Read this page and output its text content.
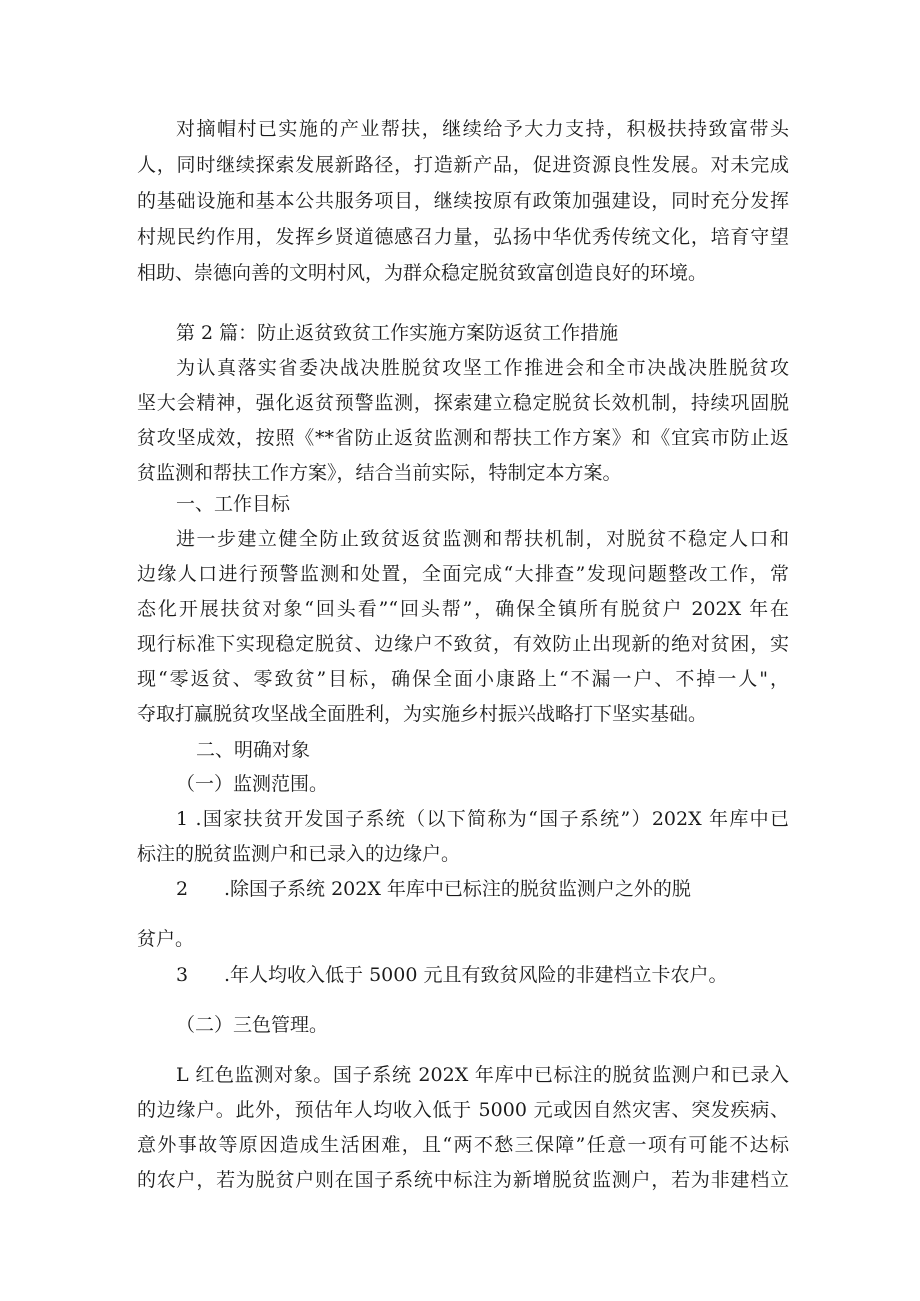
对摘帽村已实施的产业帮扶，继续给予大力支持，积极扶持致富带头
人，同时继续探索发展新路径，打造新产品，促进资源良性发展。对未完成
的基础设施和基本公共服务项目，继续按原有政策加强建设，同时充分发挥
村规民约作用，发挥乡贤道德感召力量，弘扬中华优秀传统文化，培育守望
相助、崇德向善的文明村风，为群众稳定脱贫致富创造良好的环境。
第 2 篇：防止返贫致贫工作实施方案防返贫工作措施
为认真落实省委决战决胜脱贫攻坚工作推进会和全市决战决胜脱贫攻
坚大会精神，强化返贫预警监测，探索建立稳定脱贫长效机制，持续巩固脱
贫攻坚成效，按照《**省防止返贫监测和帮扶工作方案》和《宜宾市防止返
贫监测和帮扶工作方案》，结合当前实际，特制定本方案。
一、工作目标
进一步建立健全防止致贫返贫监测和帮扶机制，对脱贫不稳定人口和
边缘人口进行预警监测和处置，全面完成“大排查”发现问题整改工作，常
态化开展扶贫对象“回头看”“回头帮”，确保全镇所有脱贫户 202X 年在
现行标准下实现稳定脱贫、边缘户不致贫，有效防止出现新的绝对贫困，实
现“零返贫、零致贫”目标，确保全面小康路上“不漏一户、不掉一人"，
夺取打赢脱贫攻坚战全面胜利，为实施乡村振兴战略打下坚实基础。
二、明确对象
（一）监测范围。
1 .国家扶贫开发国子系统（以下简称为“国子系统”）202X 年库中已
标注的脱贫监测户和已录入的边缘户。
2 .除国子系统 202X 年库中已标注的脱贫监测户之外的脱
贫户。
3 .年人均收入低于 5000 元且有致贫风险的非建档立卡农户。
（二）三色管理。
L 红色监测对象。国子系统 202X 年库中已标注的脱贫监测户和已录入
的边缘户。此外，预估年人均收入低于 5000 元或因自然灾害、突发疾病、
意外事故等原因造成生活困难，且“两不愁三保障”任意一项有可能不达标
的农户，若为脱贫户则在国子系统中标注为新增脱贫监测户，若为非建档立
